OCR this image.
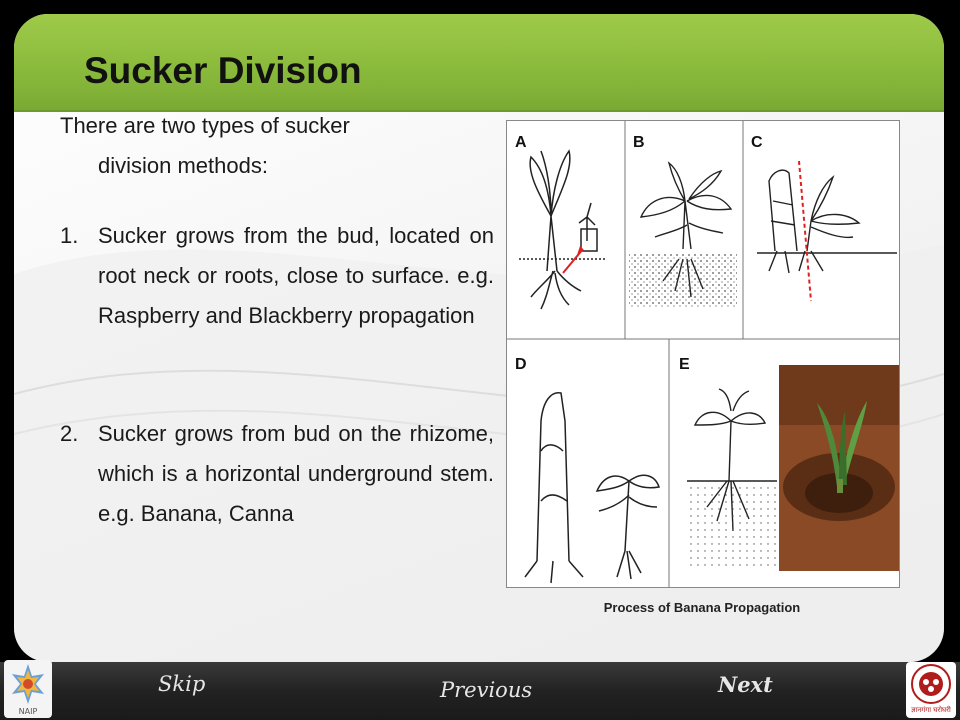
Sucker Division

There are two types of sucker
division methods:

1. Sucker grows from the bud, located on root neck or roots, close to surface. e.g. Raspberry and Blackberry propagation

2. Sucker grows from bud on the rhizome, which is a horizontal underground stem. e.g. Banana, Canna

A	B	C
D	E
Process of Banana Propagation
Skip	Previous	Next
NAIP	ज्ञानगंगा घरोघरी
